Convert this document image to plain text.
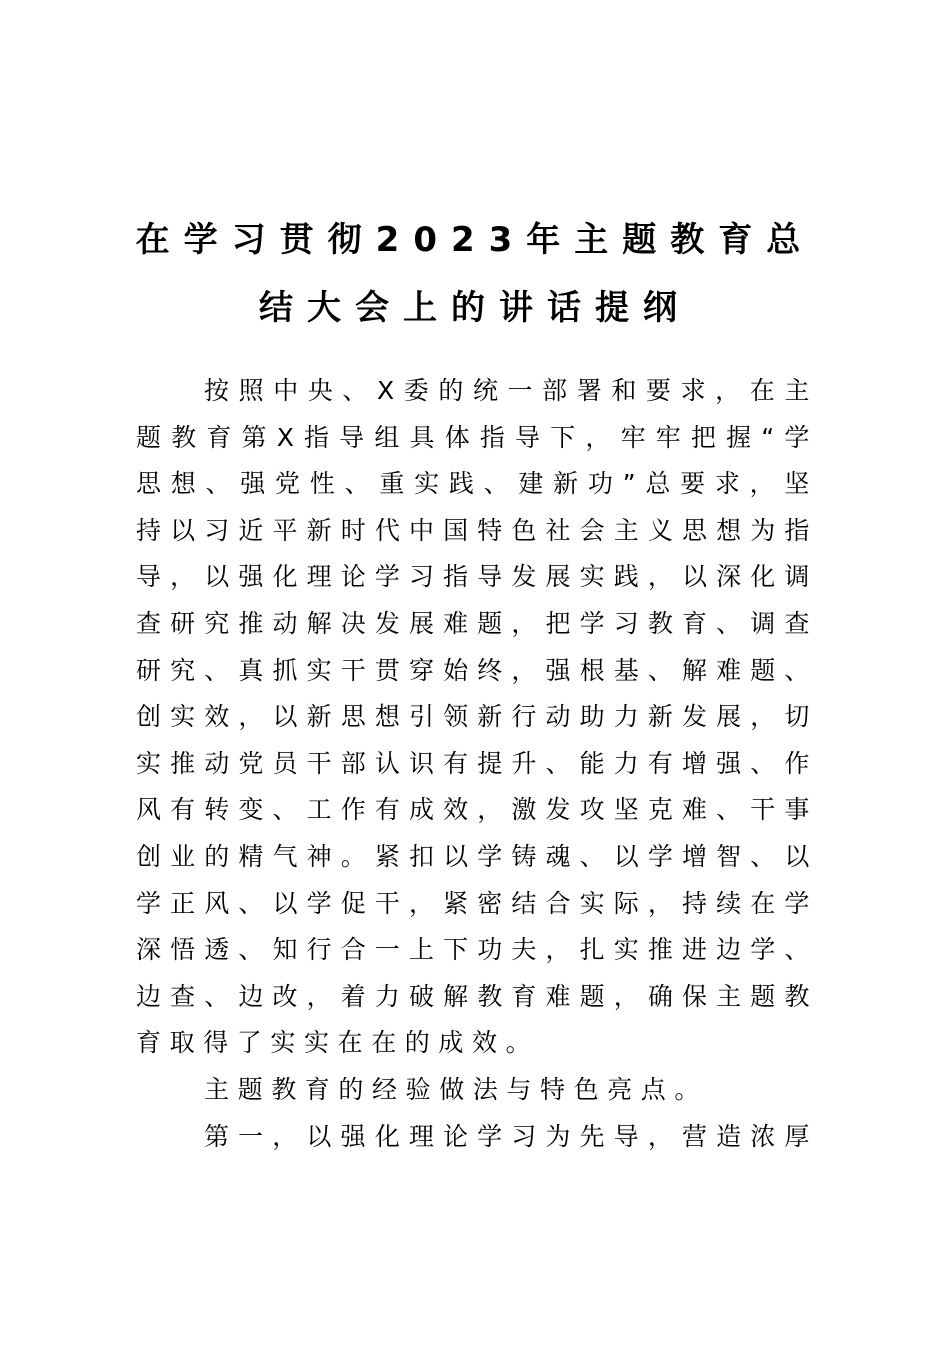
在学习贯彻2023年主题教育总
结大会上的讲话提纲

按照中央、X委的统一部署和要求，在主题教育第X指导组具体指导下，牢牢把握“学思想、强党性、重实践、建新功”总要求，坚持以习近平新时代中国特色社会主义思想为指导，以强化理论学习指导发展实践，以深化调查研究推动解决发展难题，把学习教育、调查研究、真抓实干贯穿始终，强根基、解难题、创实效，以新思想引领新行动助力新发展，切实推动党员干部认识有提升、能力有增强、作风有转变、工作有成效，激发攻坚克难、干事创业的精气神。紧扣以学铸魂、以学增智、以学正风、以学促干，紧密结合实际，持续在学深悟透、知行合一上下功夫，扎实推进边学、边查、边改，着力破解教育难题，确保主题教育取得了实实在在的成效。

主题教育的经验做法与特色亮点。

第一，以强化理论学习为先导，营造浓厚
